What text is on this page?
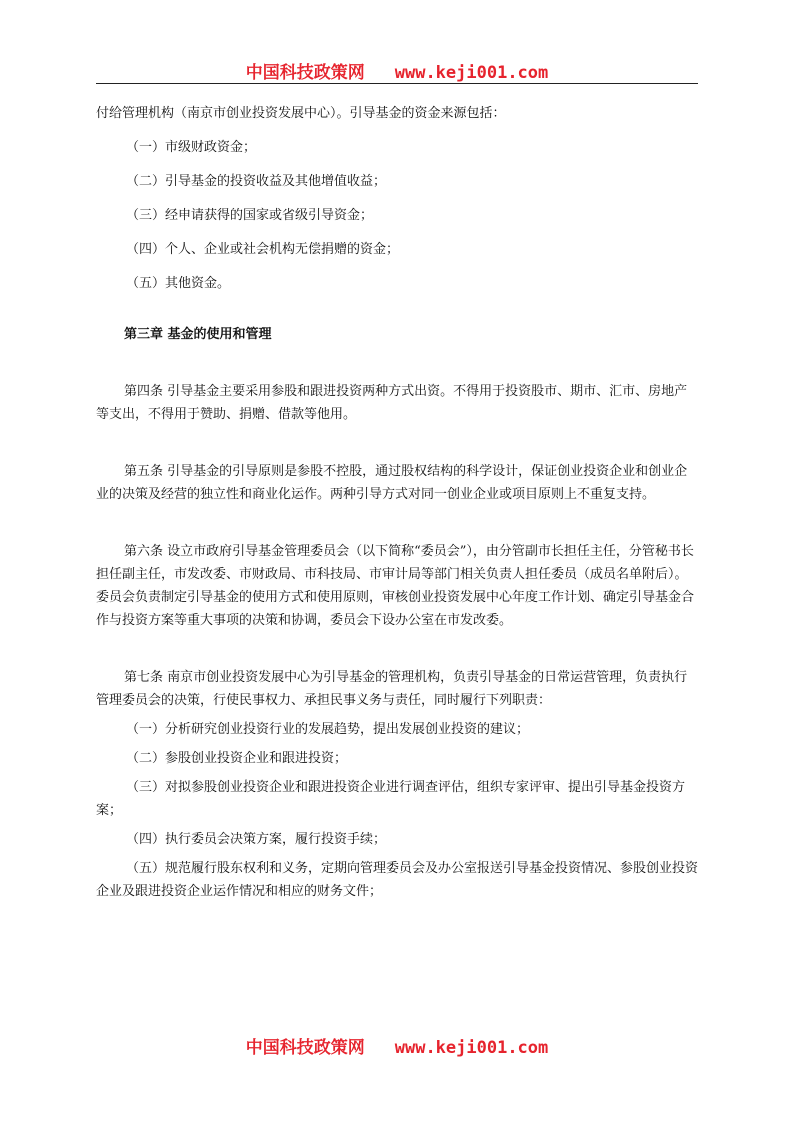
中国科技政策网 www.keji001.com

付给管理机构（南京市创业投资发展中心）。引导基金的资金来源包括：

（一）市级财政资金；

（二）引导基金的投资收益及其他增值收益；

（三）经申请获得的国家或省级引导资金；

（四）个人、企业或社会机构无偿捐赠的资金；

（五）其他资金。

第三章 基金的使用和管理

第四条 引导基金主要采用参股和跟进投资两种方式出资。不得用于投资股市、期市、汇市、房地产等支出，不得用于赞助、捐赠、借款等他用。

第五条 引导基金的引导原则是参股不控股，通过股权结构的科学设计，保证创业投资企业和创业企业的决策及经营的独立性和商业化运作。两种引导方式对同一创业企业或项目原则上不重复支持。

第六条 设立市政府引导基金管理委员会（以下简称“委员会”），由分管副市长担任主任，分管秘书长担任副主任，市发改委、市财政局、市科技局、市审计局等部门相关负责人担任委员（成员名单附后）。委员会负责制定引导基金的使用方式和使用原则，审核创业投资发展中心年度工作计划、确定引导基金合作与投资方案等重大事项的决策和协调，委员会下设办公室在市发改委。

第七条 南京市创业投资发展中心为引导基金的管理机构，负责引导基金的日常运营管理，负责执行管理委员会的决策，行使民事权力、承担民事义务与责任，同时履行下列职责：

（一）分析研究创业投资行业的发展趋势，提出发展创业投资的建议；

（二）参股创业投资企业和跟进投资；

（三）对拟参股创业投资企业和跟进投资企业进行调查评估，组织专家评审、提出引导基金投资方案；

（四）执行委员会决策方案，履行投资手续；

（五）规范履行股东权利和义务，定期向管理委员会及办公室报送引导基金投资情况、参股创业投资企业及跟进投资企业运作情况和相应的财务文件；

中国科技政策网 www.keji001.com
